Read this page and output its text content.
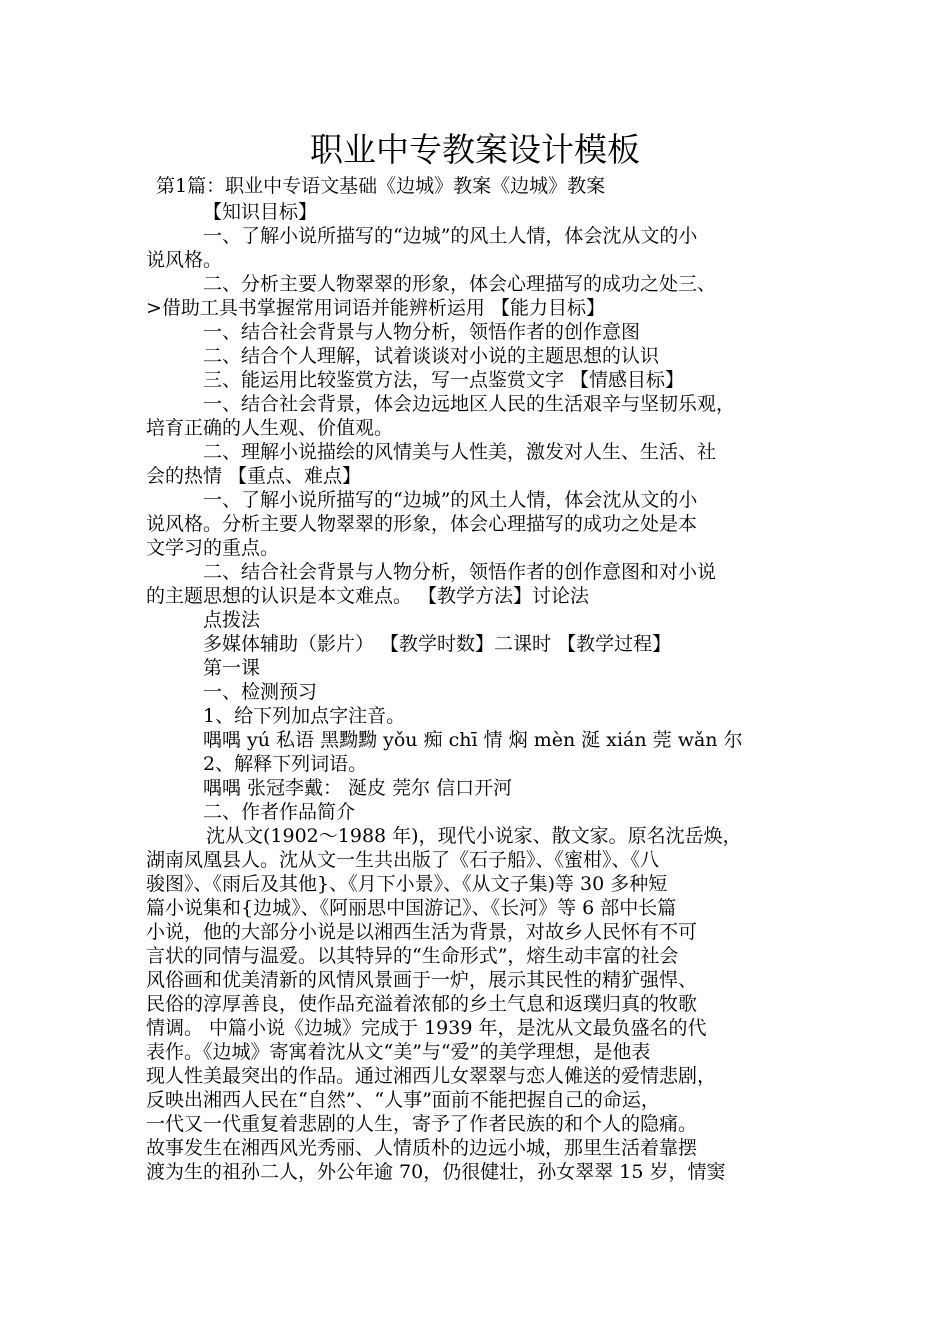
职业中专教案设计模板
第1篇：职业中专语文基础《边城》教案《边城》教案
【知识目标】
一、了解小说所描写的“边城”的风土人情，体会沈从文的小
说风格。
二、分析主要人物翠翠的形象，体会心理描写的成功之处三、
>借助工具书掌握常用词语并能辨析运用 【能力目标】
一、结合社会背景与人物分析，领悟作者的创作意图
二、结合个人理解，试着谈谈对小说的主题思想的认识
三、能运用比较鉴赏方法，写一点鉴赏文字 【情感目标】
一、结合社会背景，体会边远地区人民的生活艰辛与坚韧乐观，
培育正确的人生观、价值观。
二、理解小说描绘的风情美与人性美，激发对人生、生活、社
会的热情 【重点、难点】
一、了解小说所描写的“边城”的风土人情，体会沈从文的小
说风格。分析主要人物翠翠的形象，体会心理描写的成功之处是本
文学习的重点。
二、结合社会背景与人物分析，领悟作者的创作意图和对小说
的主题思想的认识是本文难点。 【教学方法】讨论法
点拨法
多媒体辅助（影片） 【教学时数】二课时 【教学过程】
第一课
一、检测预习
1、给下列加点字注音。
喁喁 yú 私语 黑黝黝 yǒu 痴 chī 情 焖 mèn 涎 xián 莞 wǎn 尔
2、解释下列词语。
喁喁 张冠李戴： 涎皮 莞尔 信口开河
二、作者作品简介
沈从文(1902～1988 年)，现代小说家、散文家。原名沈岳焕，
湖南凤凰县人。沈从文一生共出版了《石子船》、《蜜柑》、《八
骏图》、《雨后及其他}、《月下小景》、《从文子集)等 30 多种短
篇小说集和{边城》、《阿丽思中国游记》、《长河》等 6 部中长篇
小说，他的大部分小说是以湘西生活为背景，对故乡人民怀有不可
言状的同情与温爱。以其特异的“生命形式”，熔生动丰富的社会
风俗画和优美清新的风情风景画于一炉，展示其民性的精犷强悍、
民俗的淳厚善良，使作品充溢着浓郁的乡土气息和返璞归真的牧歌
情调。 中篇小说《边城》完成于 1939 年，是沈从文最负盛名的代
表作。《边城》寄寓着沈从文“美”与“爱”的美学理想，是他表
现人性美最突出的作品。通过湘西儿女翠翠与恋人傩送的爱情悲剧，
反映出湘西人民在“自然”、“人事”面前不能把握自己的命运，
一代又一代重复着悲剧的人生，寄予了作者民族的和个人的隐痛。
故事发生在湘西风光秀丽、人情质朴的边远小城，那里生活着靠摆
渡为生的祖孙二人，外公年逾 70，仍很健壮，孙女翠翠 15 岁，情窦
